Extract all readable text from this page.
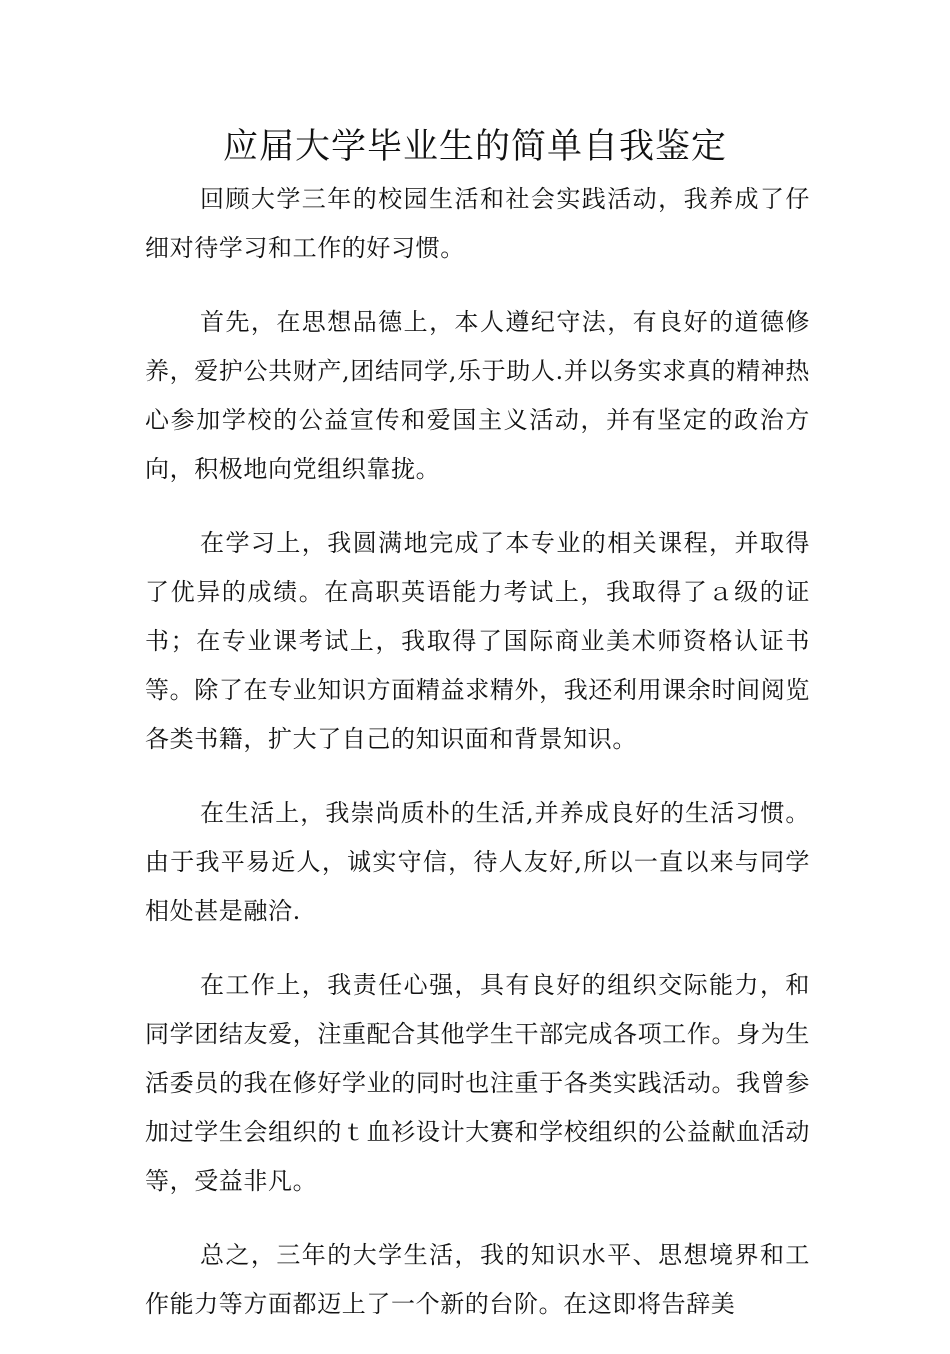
应届大学毕业生的简单自我鉴定

回顾大学三年的校园生活和社会实践活动，我养成了仔细对待学习和工作的好习惯。

首先，在思想品德上，本人遵纪守法，有良好的道德修养，爱护公共财产,团结同学,乐于助人.并以务实求真的精神热心参加学校的公益宣传和爱国主义活动，并有坚定的政治方向，积极地向党组织靠拢。

在学习上，我圆满地完成了本专业的相关课程，并取得了优异的成绩。在高职英语能力考试上，我取得了ａ级的证书；在专业课考试上，我取得了国际商业美术师资格认证书等。除了在专业知识方面精益求精外，我还利用课余时间阅览各类书籍，扩大了自己的知识面和背景知识。

在生活上，我崇尚质朴的生活,并养成良好的生活习惯。由于我平易近人，诚实守信，待人友好,所以一直以来与同学相处甚是融洽.

在工作上，我责任心强，具有良好的组织交际能力，和同学团结友爱，注重配合其他学生干部完成各项工作。身为生活委员的我在修好学业的同时也注重于各类实践活动。我曾参加过学生会组织的ｔ血衫设计大赛和学校组织的公益献血活动等，受益非凡。

总之，三年的大学生活，我的知识水平、思想境界和工作能力等方面都迈上了一个新的台阶。在这即将告辞美
